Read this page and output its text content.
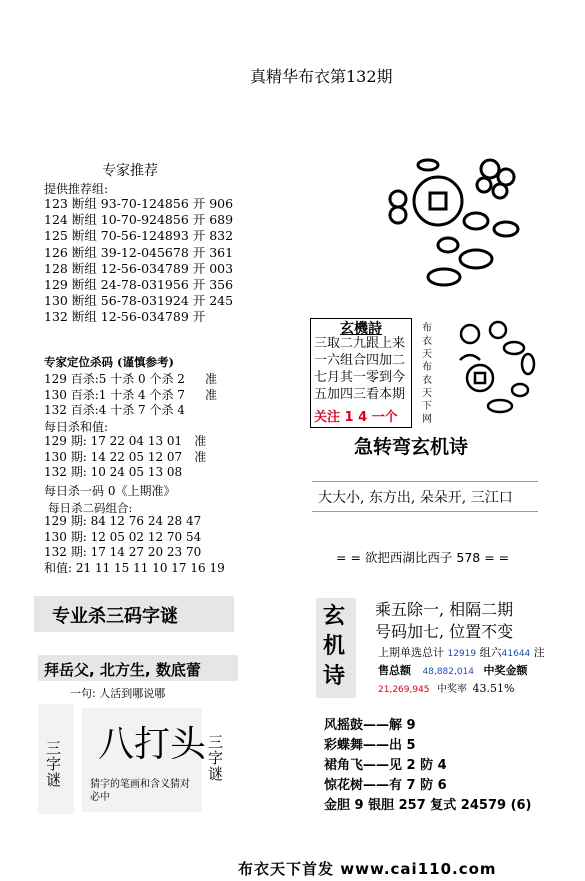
真精华布衣第132期
专家推荐
提供推荐组:
123 断组 93-70-124856 开 906
124 断组 10-70-924856 开 689
125 断组 70-56-124893 开 832
126 断组 39-12-045678 开 361
128 断组 12-56-034789 开 003
129 断组 24-78-031956 开 356
130 断组 56-78-031924 开 245
132 断组 12-56-034789 开
专家定位杀码 (谨慎参考)
129 百杀:5 十杀 0 个杀 2 准
130 百杀:1 十杀 4 个杀 7 准
132 百杀:4 十杀 7 个杀 4
每日杀和值:
129 期: 17 22 04 13 01 准
130 期: 14 22 05 12 07 准
132 期: 10 24 05 13 08
每日杀一码 0《上期准》
每日杀二码组合:
129 期: 84 12 76 24 28 47
130 期: 12 05 02 12 70 54
132 期: 17 14 27 20 23 70
和值: 21 11 15 11 10 17 16 19
专业杀三码字谜
拜岳父, 北方生, 数底蕾
一句: 人活到哪说哪
三字谜
八打头
猜字的笔画和含义猜对必中
三字谜
玄機詩
三取二九跟上来
一六组合四加二
七月其一零到今
五加四三看本期
关注 1 4 一个
布衣天布衣天下网
急转弯玄机诗
大大小, 东方出, 朵朵开, 三江口
= = 欲把西湖比西子 578 = =
玄机诗
乘五除一, 相隔二期
号码加七, 位置不变
上期单选总计 12919 组六41644 注
售总额 48,882,014 中奖金额
21,269,945 中奖率 43.51%
风摇鼓——解 9
彩蝶舞——出 5
裙角飞——见 2 防 4
惊花树——有 7 防 6
金胆 9 银胆 257 复式 24579 (6)
布衣天下首发 www.cai110.com
